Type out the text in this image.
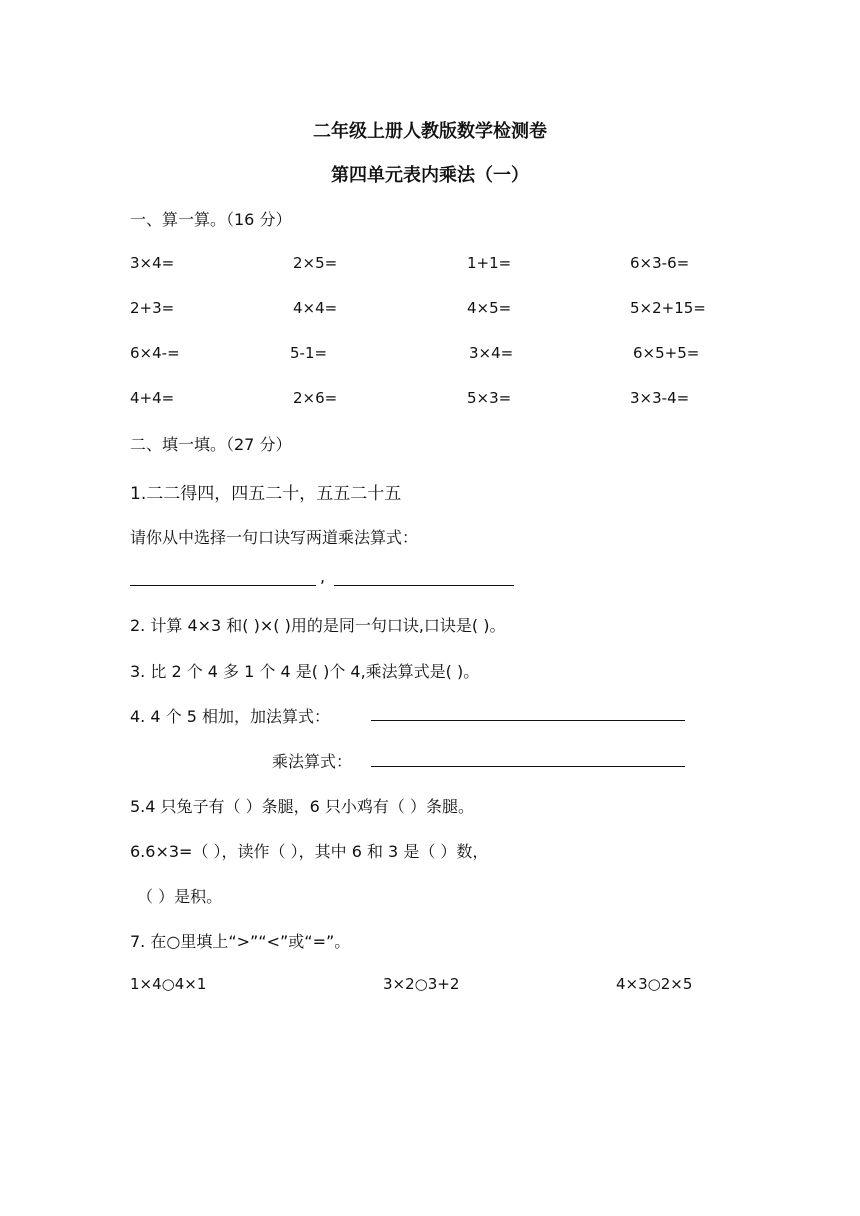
二年级上册人教版数学检测卷
第四单元表内乘法（一）
一、算一算。（16 分）
3×4=	2×5=	1+1=	6×3-6=
2+3=	4×4=	4×5=	5×2+15=
6×4-=	5-1=	3×4=	6×5+5=
4+4=	2×6=	5×3=	3×3-4=
二、填一填。（27 分）
1.二二得四，四五二十，五五二十五
请你从中选择一句口诀写两道乘法算式：
,
2. 计算 4×3 和( )×( )用的是同一句口诀,口诀是( )。
3. 比 2 个 4 多 1 个 4 是( )个 4,乘法算式是( )。
4. 4 个 5 相加，加法算式：
乘法算式：
5.4 只兔子有（ ）条腿，6 只小鸡有（ ）条腿。
6.6×3=（ ），读作（ ），其中 6 和 3 是（ ）数，
（ ）是积。
7. 在○里填上“>”“<”或“=”。
1×4○4×1	3×2○3+2	4×3○2×5
